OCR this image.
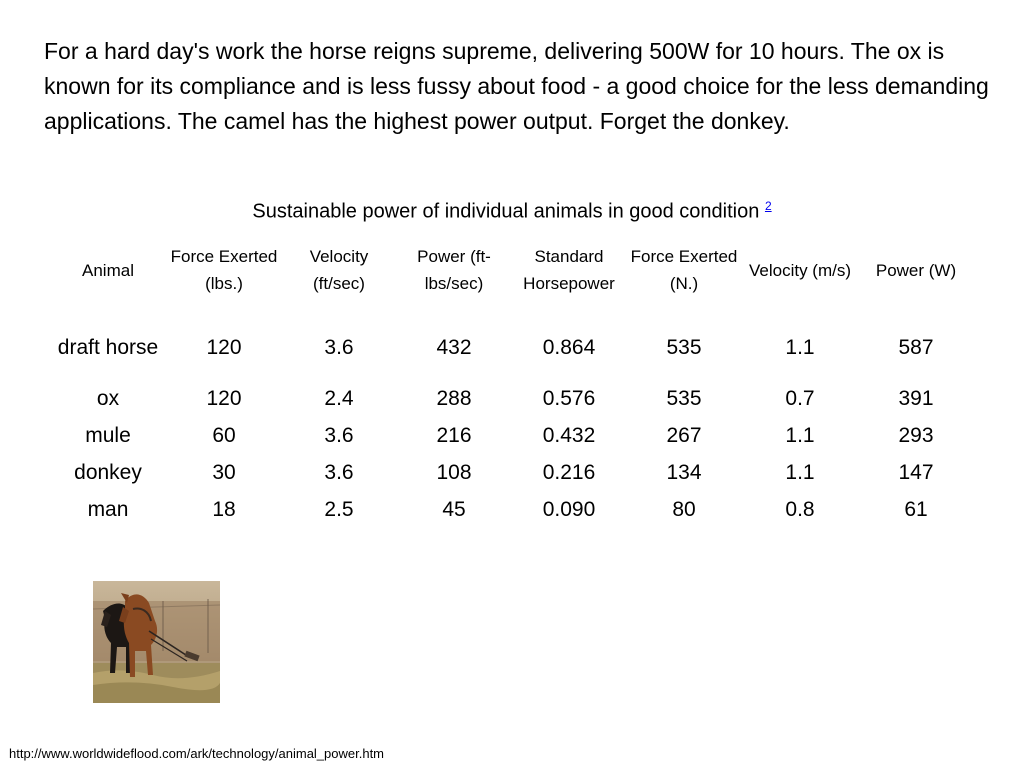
For a hard day's work the horse reigns supreme, delivering 500W for 10 hours. The ox is known for its compliance and is less fussy about food - a good choice for the less demanding applications. The camel has the highest power output. Forget the donkey.

Sustainable power of individual animals in good condition $^2$
Animal	Force Exerted (lbs.)	Velocity (ft/sec)	Power (ft-lbs/sec)	Standard Horsepower	Force Exerted (N.)	Velocity (m/s)	Power (W)
draft horse	120	3.6	432	0.864	535	1.1	587
ox	120	2.4	288	0.576	535	0.7	391
mule	60	3.6	216	0.432	267	1.1	293
donkey	30	3.6	108	0.216	134	1.1	147
man	18	2.5	45	0.090	80	0.8	61
http://www.worldwideflood.com/ark/technology/animal_power.htm
